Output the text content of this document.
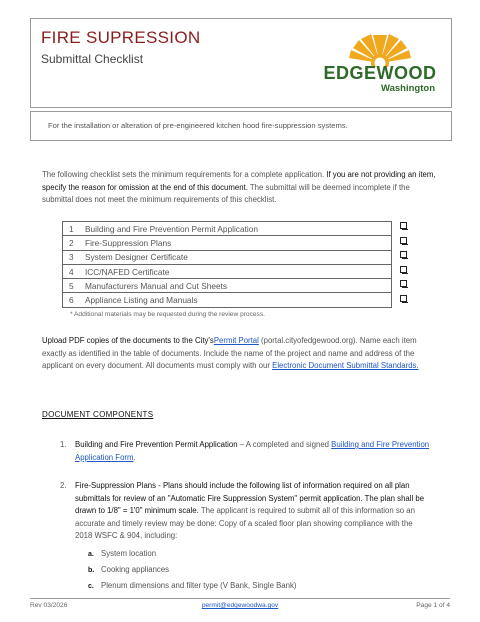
FIRE SUPRESSION
Submittal Checklist
EDGEWOOD
Washington
For the installation or alteration of pre-engineered kitchen hood fire-suppression systems.
The following checklist sets the minimum requirements for a complete application. If you are not providing an item, specify the reason for omission at the end of this document. The submittal will be deemed incomplete if the submittal does not meet the minimum requirements of this checklist.
1 Building and Fire Prevention Permit Application
2 Fire-Suppression Plans
3 System Designer Certificate
4 ICC/NAFED Certificate
5 Manufacturers Manual and Cut Sheets
6 Appliance Listing and Manuals
* Additional materials may be requested during the review process.
Upload PDF copies of the documents to the City'sPermit Portal (portal.cityofedgewood.org). Name each item exactly as identified in the table of documents. Include the name of the project and name and address of the applicant on every document. All documents must comply with our Electronic Document Submittal Standards.
DOCUMENT COMPONENTS
1. Building and Fire Prevention Permit Application – A completed and signed Building and Fire Prevention Application Form.
2. Fire-Suppression Plans - Plans should include the following list of information required on all plan submittals for review of an "Automatic Fire Suppression System" permit application. The plan shall be drawn to 1/8" = 1'0" minimum scale. The applicant is required to submit all of this information so an accurate and timely review may be done: Copy of a scaled floor plan showing compliance with the 2018 WSFC & 904, including:
a. System location
b. Cooking appliances
c. Plenum dimensions and filter type (V Bank, Single Bank)
Rev 03/2026	permit@edgewoodwa.gov	Page 1 of 4
